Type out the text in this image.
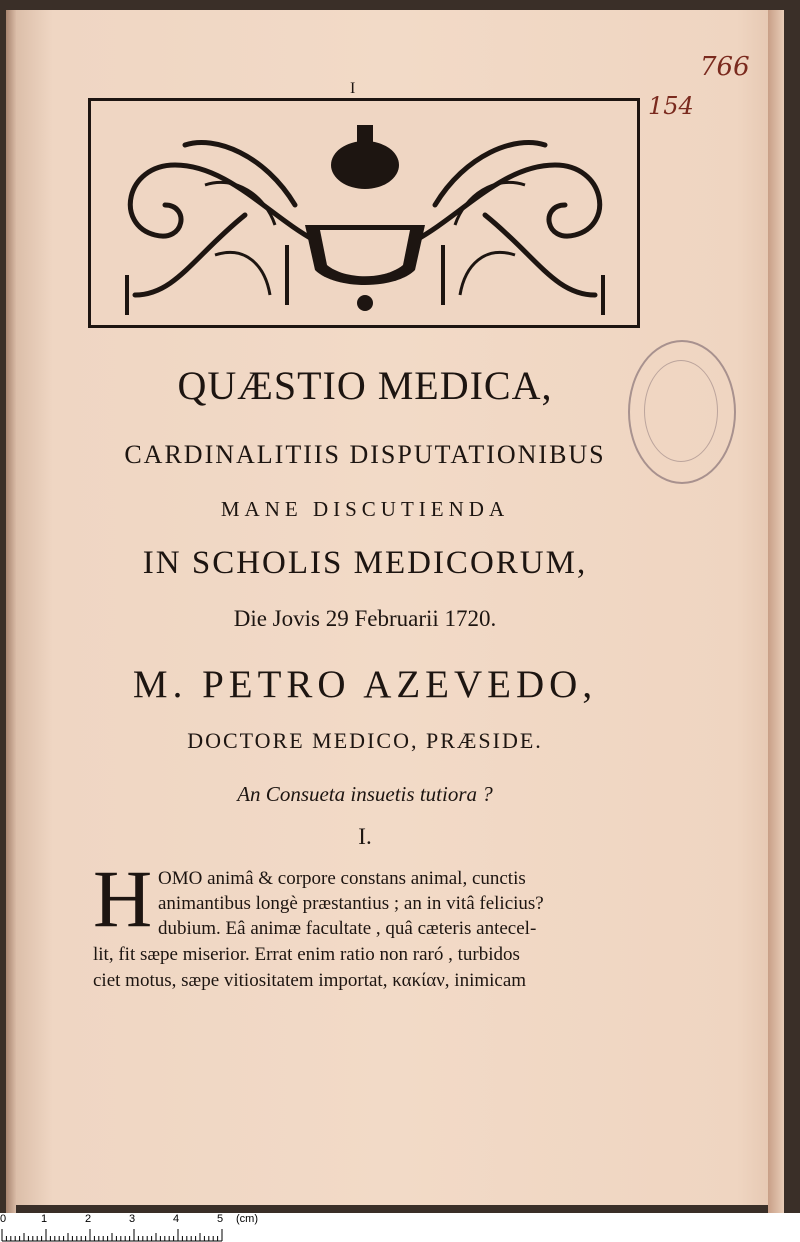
I
766
154
QUÆSTIO MEDICA,
CARDINALITIIS DISPUTATIONIBUS
MANE DISCUTIENDA
IN SCHOLIS MEDICORUM,
Die Jovis 29 Februarii 1720.
M. PETRO AZEVEDO,
DOCTORE MEDICO, PRÆSIDE.
An Consueta insuetis tutiora ?
I.
H OMO animâ & corpore constans animal, cunctis
animantibus longè præstantius ; an in vitâ felicius?
dubium. Eâ animæ facultate , quâ cæteris antecel-
lit, fit sæpe miserior. Errat enim ratio non raró , turbidos
ciet motus, sæpe vitiositatem importat, κακίαν, inimicam
0	1	2	3	4	5 (cm)
